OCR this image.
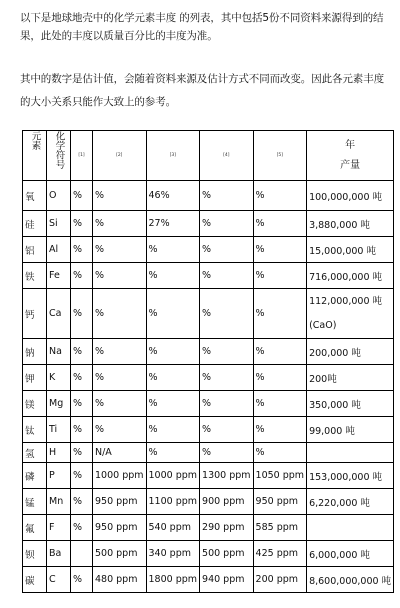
以下是地球地壳中的化学元素丰度 的列表，其中包括5份不同资料来源得到的结果，此处的丰度以质量百分比的丰度为准。
其中的数字是估计值，会随着资料来源及估计方式不同而改变。因此各元素丰度
的大小关系只能作大致上的参考。
元素	化学符号	[1]	[2]	[3]	[4]	[5]	年
产量

氧	O	%	%	46%	%	%	100,000,000 吨
硅	Si	%	%	27%	%	%	3,880,000 吨
铝	Al	%	%	%	%	%	15,000,000 吨
铁	Fe	%	%	%	%	%	716,000,000 吨
钙	Ca	%	%	%	%	%	112,000,000 吨
(CaO)

钠	Na	%	%	%	%	%	200,000 吨
钾	K	%	%	%	%	%	200吨
镁	Mg	%	%	%	%	%	350,000 吨
钛	Ti	%	%	%	%	%	99,000 吨
氢	H	%	N/A	%	%	%	
磷	P	%	1000 ppm	1000 ppm	1300 ppm	1050 ppm	153,000,000 吨
锰	Mn	%	950 ppm	1100 ppm	900 ppm	950 ppm	6,220,000 吨
氟	F	%	950 ppm	540 ppm	290 ppm	585 ppm	
钡	Ba		500 ppm	340 ppm	500 ppm	425 ppm	6,000,000 吨
碳	C	%	480 ppm	1800 ppm	940 ppm	200 ppm	8,600,000,000 吨
